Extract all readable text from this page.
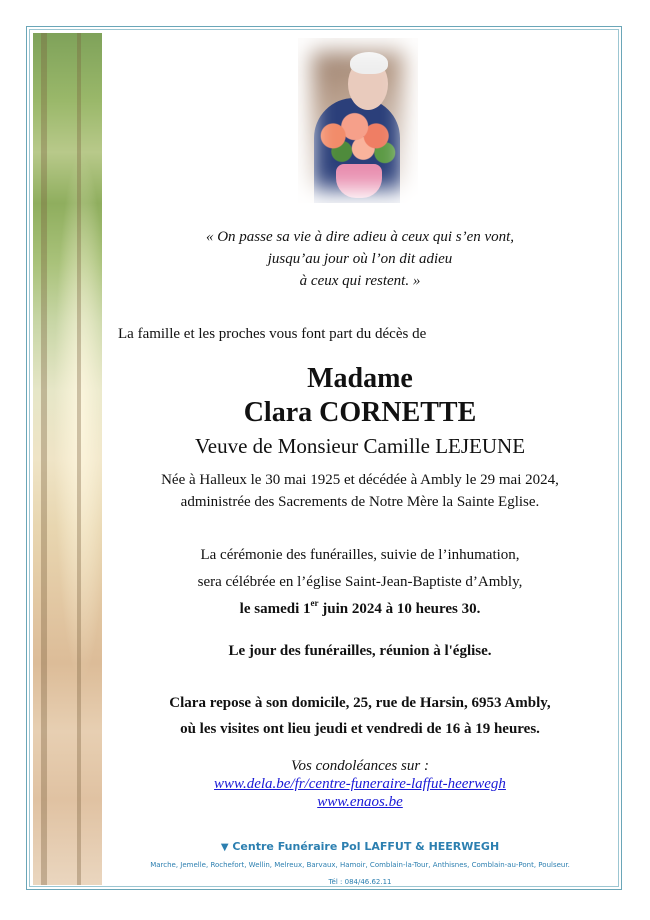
« On passe sa vie à dire adieu à ceux qui s’en vont,
jusqu’au jour où l’on dit adieu
à ceux qui restent. »
La famille et les proches vous font part du décès de
Madame
Clara CORNETTE
Veuve de Monsieur Camille LEJEUNE
Née à Halleux le 30 mai 1925 et décédée à Ambly le 29 mai 2024,
administrée des Sacrements de Notre Mère la Sainte Eglise.
La cérémonie des funérailles, suivie de l’inhumation,
sera célébrée en l’église Saint-Jean-Baptiste d’Ambly,
le samedi 1er juin 2024 à 10 heures 30.
Le jour des funérailles, réunion à l'église.
Clara repose à son domicile, 25, rue de Harsin, 6953 Ambly,
où les visites ont lieu jeudi et vendredi de 16 à 19 heures.
Vos condoléances sur :
www.dela.be/fr/centre-funeraire-laffut-heerwegh
www.enaos.be
▼ Centre Funéraire Pol LAFFUT & HEERWEGH
Marche, Jemelle, Rochefort, Wellin, Melreux, Barvaux, Hamoir, Comblain-la-Tour, Anthisnes, Comblain-au-Pont, Poulseur.
Tél : 084/46.62.11
